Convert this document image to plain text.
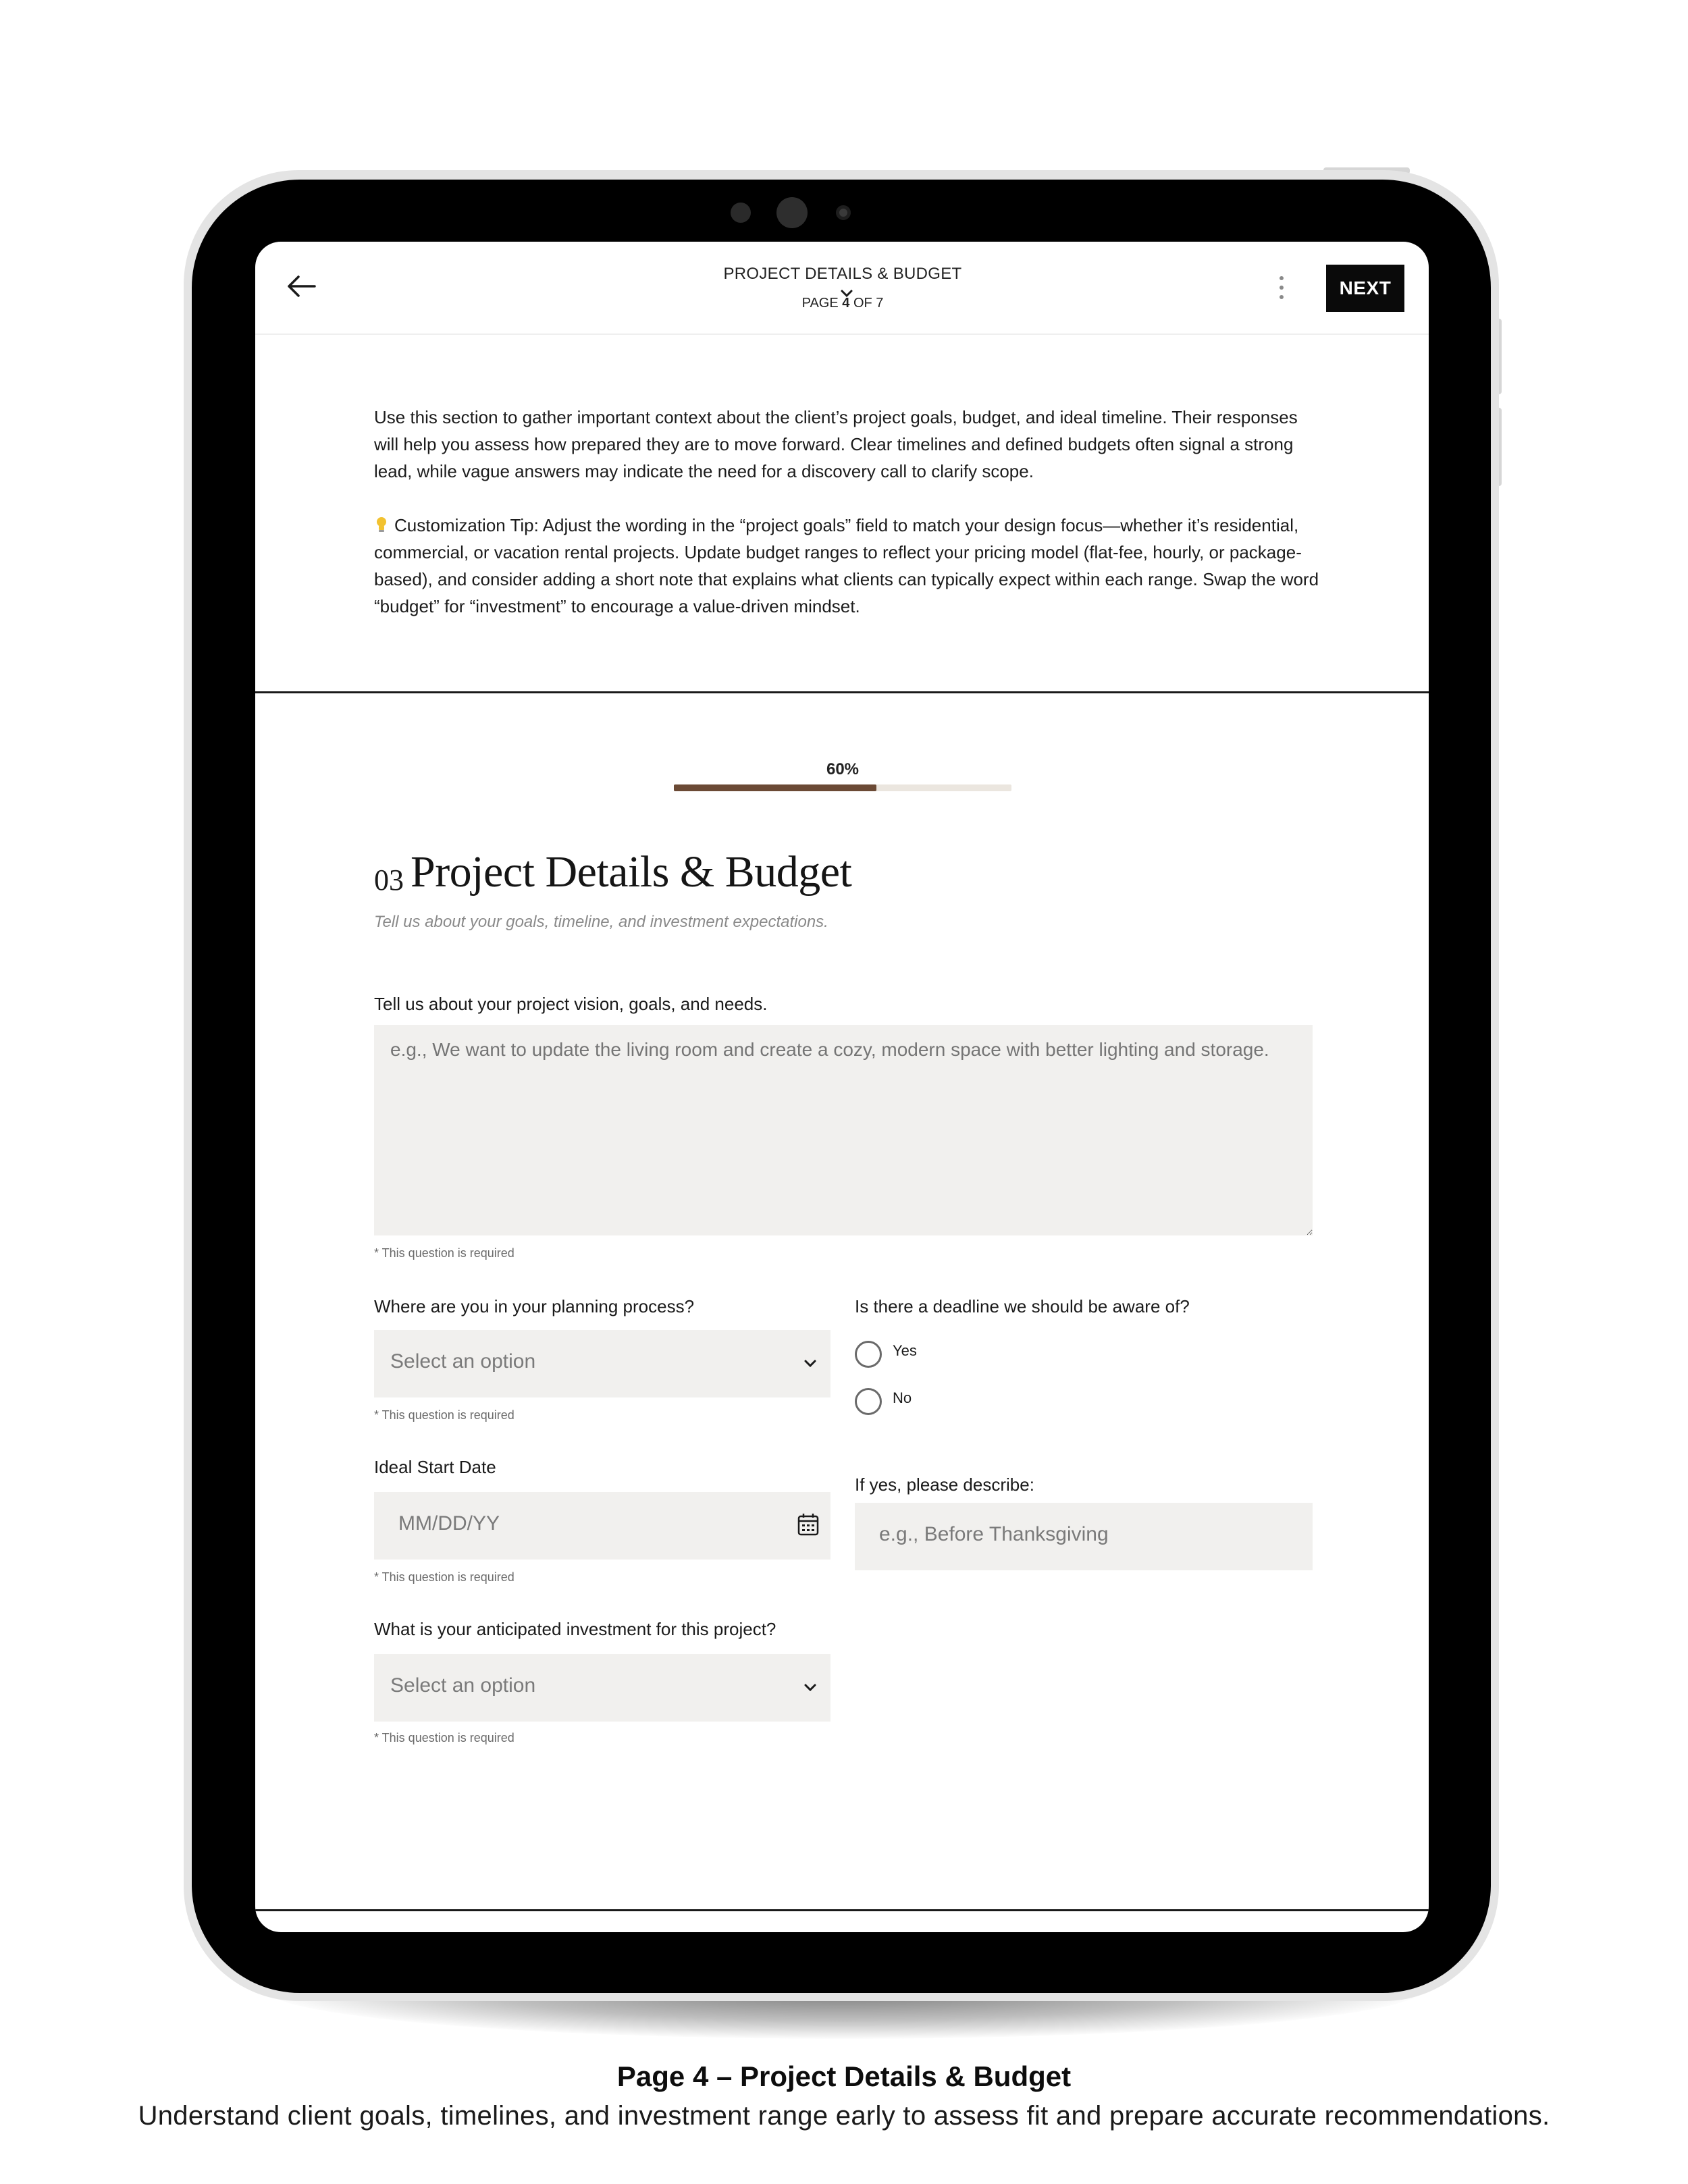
PROJECT DETAILS & BUDGET
PAGE 4 OF 7
NEXT

Use this section to gather important context about the client’s project goals, budget, and ideal timeline. Their responses will help you assess how prepared they are to move forward. Clear timelines and defined budgets often signal a strong lead, while vague answers may indicate the need for a discovery call to clarify scope.

Customization Tip: Adjust the wording in the “project goals” field to match your design focus—whether it’s residential, commercial, or vacation rental projects. Update budget ranges to reflect your pricing model (flat-fee, hourly, or package-based), and consider adding a short note that explains what clients can typically expect within each range. Swap the word “budget” for “investment” to encourage a value-driven mindset.

60%
03 Project Details & Budget
Tell us about your goals, timeline, and investment expectations.
Tell us about your project vision, goals, and needs.
e.g., We want to update the living room and create a cozy, modern space with better lighting and storage.
* This question is required
Where are you in your planning process?
Select an option
* This question is required
Is there a deadline we should be aware of?
Yes
No
Ideal Start Date
MM/DD/YY
* This question is required
If yes, please describe:
e.g., Before Thanksgiving
What is your anticipated investment for this project?
Select an option
* This question is required
Page 4 – Project Details & Budget
Understand client goals, timelines, and investment range early to assess fit and prepare accurate recommendations.
